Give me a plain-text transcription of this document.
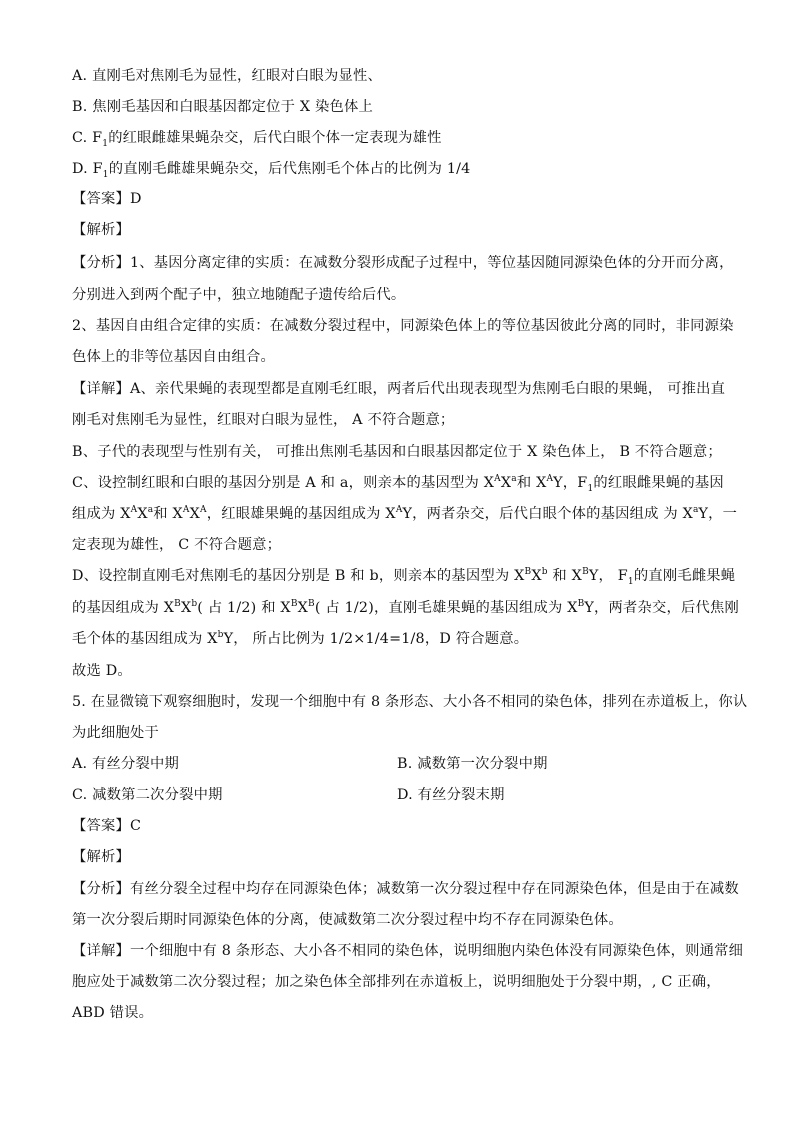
A. 直刚毛对焦刚毛为显性，红眼对白眼为显性、
B. 焦刚毛基因和白眼基因都定位于 X 染色体上
C. $F_1$的红眼雌雄果蝇杂交，后代白眼个体一定表现为雄性
D. $F_1$的直刚毛雌雄果蝇杂交，后代焦刚毛个体占的比例为 1/4
【答案】D
【解析】
【分析】1、基因分离定律的实质：在减数分裂形成配子过程中，等位基因随同源染色体的分开而分离，
分别进入到两个配子中，独立地随配子遗传给后代。
2、基因自由组合定律的实质：在减数分裂过程中，同源染色体上的等位基因彼此分离的同时，非同源染
色体上的非等位基因自由组合。
【详解】A、亲代果蝇的表现型都是直刚毛红眼，两者后代出现表现型为焦刚毛白眼的果蝇， 可推出直
刚毛对焦刚毛为显性，红眼对白眼为显性， A 不符合题意；
B、子代的表现型与性别有关， 可推出焦刚毛基因和白眼基因都定位于 X 染色体上， B 不符合题意；
C、设控制红眼和白眼的基因分别是 A 和 a，则亲本的基因型为 $X^AX^a$和 $X^AY$，$F_1$的红眼雌果蝇的基因
组成为 $X^AX^a$和 $X^AX^A$，红眼雄果蝇的基因组成为 $X^AY$，两者杂交，后代白眼个体的基因组成 为 $X^aY$，一
定表现为雄性， C 不符合题意；
D、设控制直刚毛对焦刚毛的基因分别是 B 和 b，则亲本的基因型为 $X^BX^b$ 和 $X^BY$， $F_1$的直刚毛雌果蝇
的基因组成为 $X^BX^b$( 占 1/2) 和 $X^BX^B$( 占 1/2)，直刚毛雄果蝇的基因组成为 $X^BY$，两者杂交，后代焦刚
毛个体的基因组成为 $X^bY$， 所占比例为 1/2×1/4=1/8，D 符合题意。
故选 D。
5. 在显微镜下观察细胞时，发现一个细胞中有 8 条形态、大小各不相同的染色体，排列在赤道板上，你认
为此细胞处于
A. 有丝分裂中期	B. 减数第一次分裂中期
C. 减数第二次分裂中期	D. 有丝分裂末期
【答案】C
【解析】
【分析】有丝分裂全过程中均存在同源染色体；减数第一次分裂过程中存在同源染色体，但是由于在减数
第一次分裂后期时同源染色体的分离，使减数第二次分裂过程中均不存在同源染色体。
【详解】一个细胞中有 8 条形态、大小各不相同的染色体，说明细胞内染色体没有同源染色体，则通常细
胞应处于减数第二次分裂过程；加之染色体全部排列在赤道板上，说明细胞处于分裂中期，, C 正确，
ABD 错误。
